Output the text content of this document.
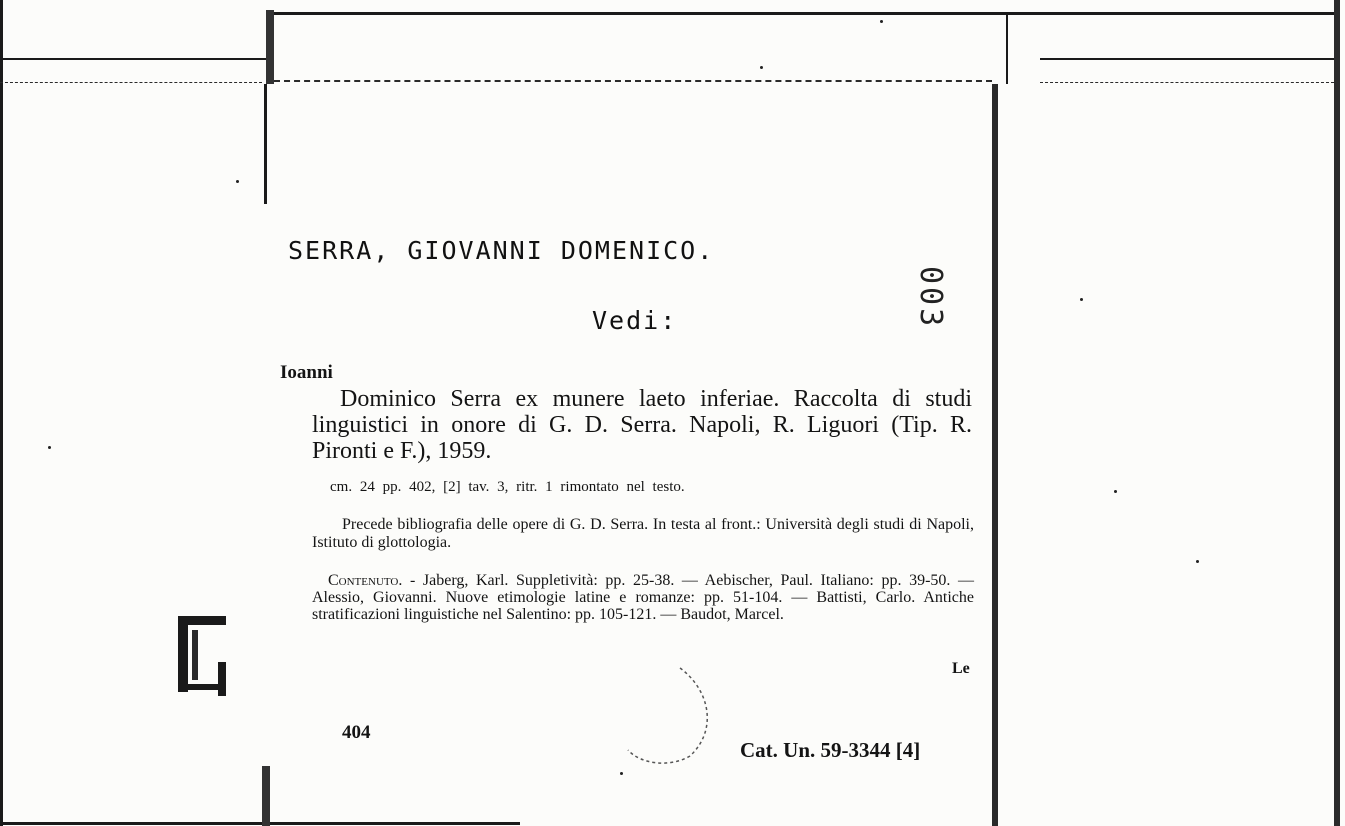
SERRA, GIOVANNI DOMENICO.
Vedi:	003
Ioanni
Dominico Serra ex munere laeto inferiae. Raccolta di studi linguistici in onore di G. D. Serra. Napoli, R. Liguori (Tip. R. Pironti e F.), 1959.
cm. 24 pp. 402, [2] tav. 3, ritr. 1 rimontato nel testo.
Precede bibliografia delle opere di G. D. Serra. In testa al front.: Università degli studi di Napoli, Istituto di glottologia.
Contenuto. - Jaberg, Karl. Suppletività: pp. 25-38. — Aebischer, Paul. Italiano: pp. 39-50. — Alessio, Giovanni. Nuove etimologie latine e romanze: pp. 51-104. — Battisti, Carlo. Antiche stratificazioni linguistiche nel Salentino: pp. 105-121. — Baudot, Marcel.
Le
404
Cat. Un. 59-3344 [4]
